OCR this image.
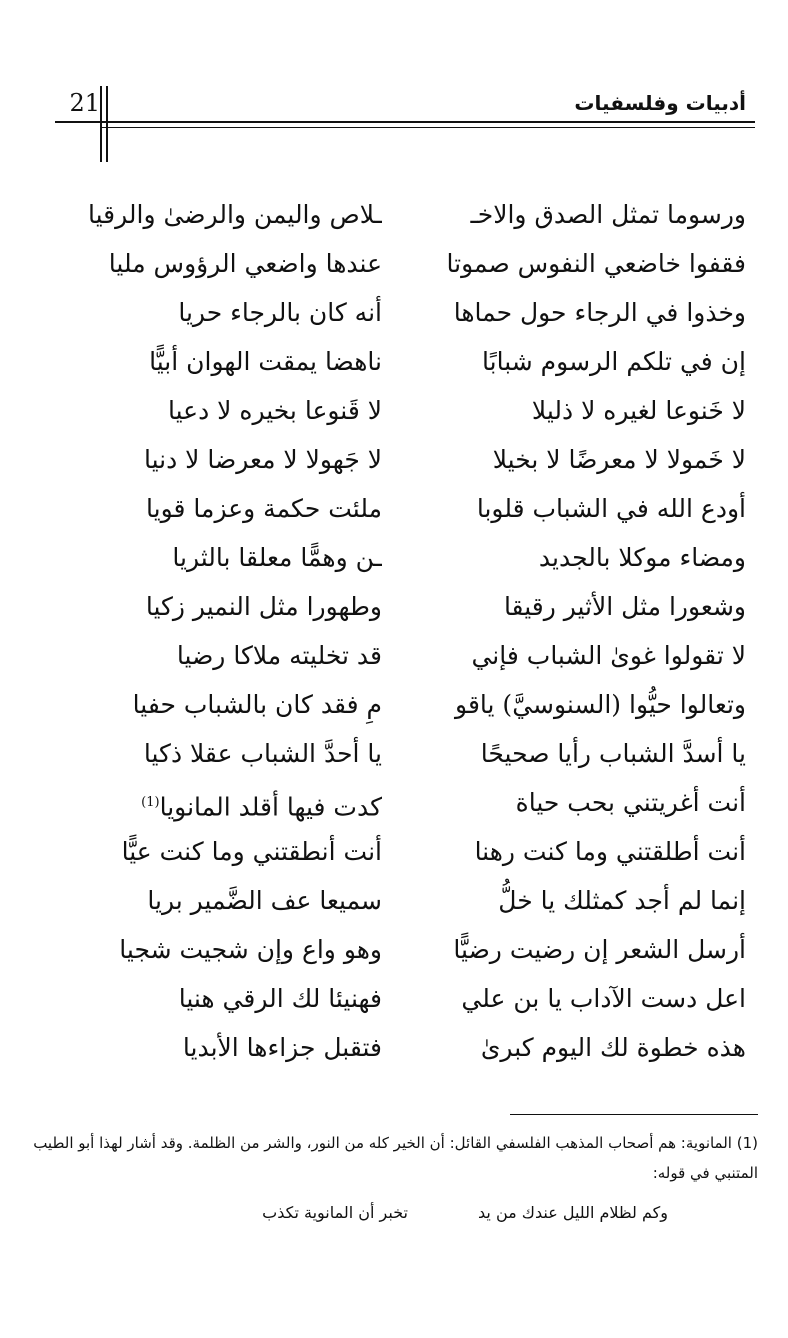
21	أدبيات وفلسفيات
ورسوما تمثل الصدق والاخـ
ـلاص واليمن والرضىٰ والرقيا
فقفوا خاضعي النفوس صموتا
عندها واضعي الرؤوس مليا
وخذوا في الرجاء حول حماها
أنه كان بالرجاء حريا
إن في تلكم الرسوم شبابًا
ناهضا يمقت الهوان أبيًّا
لا خَنوعا لغيره لا ذليلا
لا قَنوعا بخيره لا دعيا
لا خَمولا لا معرضًا لا بخيلا
لا جَهولا لا معرضا لا دنيا
أودع الله في الشباب قلوبا
ملئت حكمة وعزما قويا
ومضاء موكلا بالجديد
ـن وهمًّا معلقا بالثريا
وشعورا مثل الأثير رقيقا
وطهورا مثل النمير زكيا
لا تقولوا غوىٰ الشباب فإني
قد تخليته ملاكا رضيا
وتعالوا حيُّوا (السنوسيَّ) ياقو
مِ فقد كان بالشباب حفيا
يا أسدَّ الشباب رأيا صحيحًا
يا أحدَّ الشباب عقلا ذكيا
أنت أغريتني بحب حياة
كدت فيها أقلد المانويا$^{(1)}$
أنت أطلقتني وما كنت رهنا
أنت أنطقتني وما كنت عيًّا
إنما لم أجد كمثلك يا خلُّ
سميعا عف الضَّمير بريا
أرسل الشعر إن رضيت رضيًّا
وهو واع وإن شجيت شجيا
اعل دست الآداب يا بن علي
فهنيئا لك الرقي هنيا
هذه خطوة لك اليوم كبرىٰ
فتقبل جزاءها الأبديا
(1) المانوية: هم أصحاب المذهب الفلسفي القائل: أن الخير كله من النور، والشر من الظلمة. وقد أشار لهذا أبو الطيب المتنبي في قوله:
وكم لظلام الليل عندك من يد
تخبر أن المانوية تكذب
